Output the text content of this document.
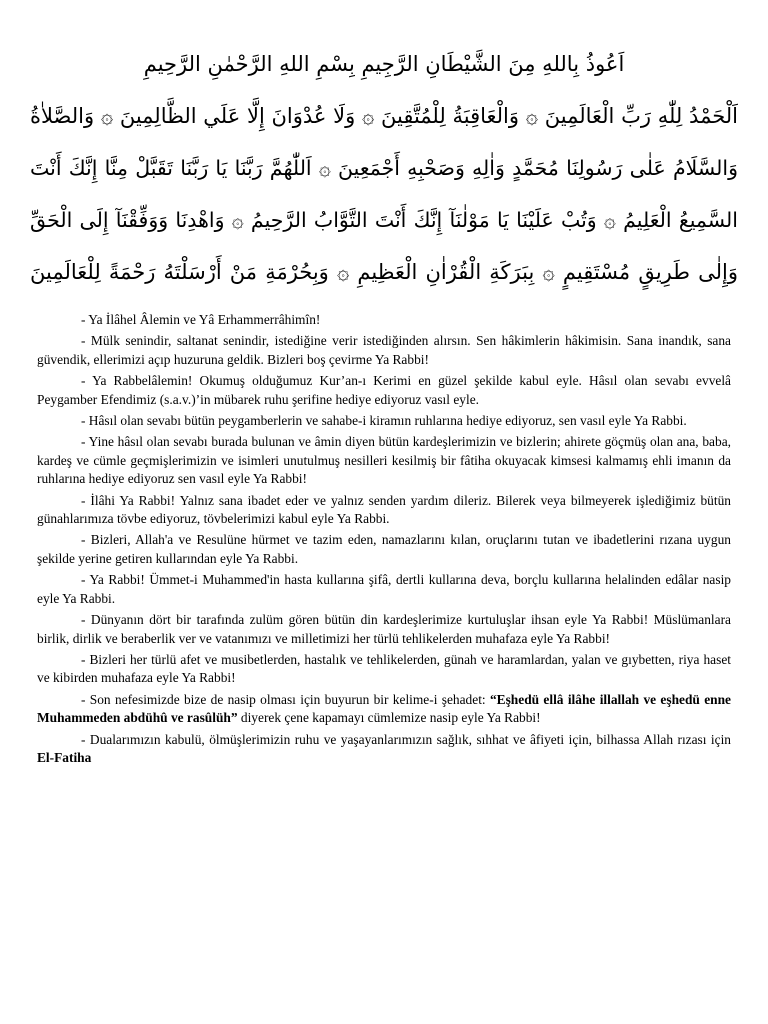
اَعُوذُ بِاللهِ مِنَ الشَّيْطَانِ الرَّجِيمِ بِسْمِ اللهِ الرَّحْمٰنِ الرَّحِيمِ
اَلْحَمْدُ لِلّٰهِ رَبِّ الْعَالَمِينَ ۞ وَالْعَاقِبَةُ لِلْمُتَّقِينَ ۞ وَلَا عُدْوَانَ إِلَّا عَلَي الظَّالِمِينَ ۞ وَالصَّلاٰةُ
وَالسَّلَامُ عَلٰى رَسُولِنَا مُحَمَّدٍ وَاٰلِهِ وَصَحْبِهِ أَجْمَعِينَ ۞ اَللّٰهُمَّ رَبَّنَا يَا رَبَّنَا تَقَبَّلْ مِنَّا إِنَّكَ أَنْتَ
السَّمِيعُ الْعَلِيمُ ۞ وَتُبْ عَلَيْنَا يَا مَوْلٰنَآ إِنَّكَ أَنْتَ التَّوَّابُ الرَّحِيمُ ۞ وَاهْدِنَا وَوَفِّقْنَآ إِلَى الْحَقِّ
وَإِلٰى طَرِيقٍ مُسْتَقِيمٍ ۞ بِبَرَكَةِ الْقُرْاٰنِ الْعَظِيمِ ۞ وَبِحُرْمَةِ مَنْ أَرْسَلْتَهُ رَحْمَةً لِلْعَالَمِينَ

- Ya İlâhel Âlemin ve Yâ Erhammerrâhimîn!

- Mülk senindir, saltanat senindir, istediğine verir istediğinden alırsın. Sen hâkimlerin hâkimisin. Sana inandık, sana güvendik, ellerimizi açıp huzuruna geldik. Bizleri boş çevirme Ya Rabbi!

- Ya Rabbelâlemin! Okumuş olduğumuz Kur’an-ı Kerimi en güzel şekilde kabul eyle. Hâsıl olan sevabı evvelâ Peygamber Efendimiz (s.a.v.)’in mübarek ruhu şerifine hediye ediyoruz vasıl eyle.

- Hâsıl olan sevabı bütün peygamberlerin ve sahabe-i kiramın ruhlarına hediye ediyoruz, sen vasıl eyle Ya Rabbi.

- Yine hâsıl olan sevabı burada bulunan ve âmin diyen bütün kardeşlerimizin ve bizlerin; ahirete göçmüş olan ana, baba, kardeş ve cümle geçmişlerimizin ve isimleri unutulmuş nesilleri kesilmiş bir fâtiha okuyacak kimsesi kalmamış ehli imanın da ruhlarına hediye ediyoruz sen vasıl eyle Ya Rabbi!

- İlâhi Ya Rabbi! Yalnız sana ibadet eder ve yalnız senden yardım dileriz. Bilerek veya bilmeyerek işlediğimiz bütün günahlarımıza tövbe ediyoruz, tövbelerimizi kabul eyle Ya Rabbi.

- Bizleri, Allah'a ve Resulüne hürmet ve tazim eden, namazlarını kılan, oruçlarını tutan ve ibadetlerini rızana uygun şekilde yerine getiren kullarından eyle Ya Rabbi.

- Ya Rabbi! Ümmet-i Muhammed'in hasta kullarına şifâ, dertli kullarına deva, borçlu kullarına helalinden edâlar nasip eyle Ya Rabbi.

- Dünyanın dört bir tarafında zulüm gören bütün din kardeşlerimize kurtuluşlar ihsan eyle Ya Rabbi! Müslümanlara birlik, dirlik ve beraberlik ver ve vatanımızı ve milletimizi her türlü tehlikelerden muhafaza eyle Ya Rabbi!

- Bizleri her türlü afet ve musibetlerden, hastalık ve tehlikelerden, günah ve haramlardan, yalan ve gıybetten, riya haset ve kibirden muhafaza eyle Ya Rabbi!

- Son nefesimizde bize de nasip olması için buyurun bir kelime-i şehadet: “Eşhedü ellâ ilâhe illallah ve eşhedü enne Muhammeden abdühû ve rasûlüh” diyerek çene kapamayı cümlemize nasip eyle Ya Rabbi!

- Dualarımızın kabulü, ölmüşlerimizin ruhu ve yaşayanlarımızın sağlık, sıhhat ve âfiyeti için, bilhassa Allah rızası için El-Fatiha
